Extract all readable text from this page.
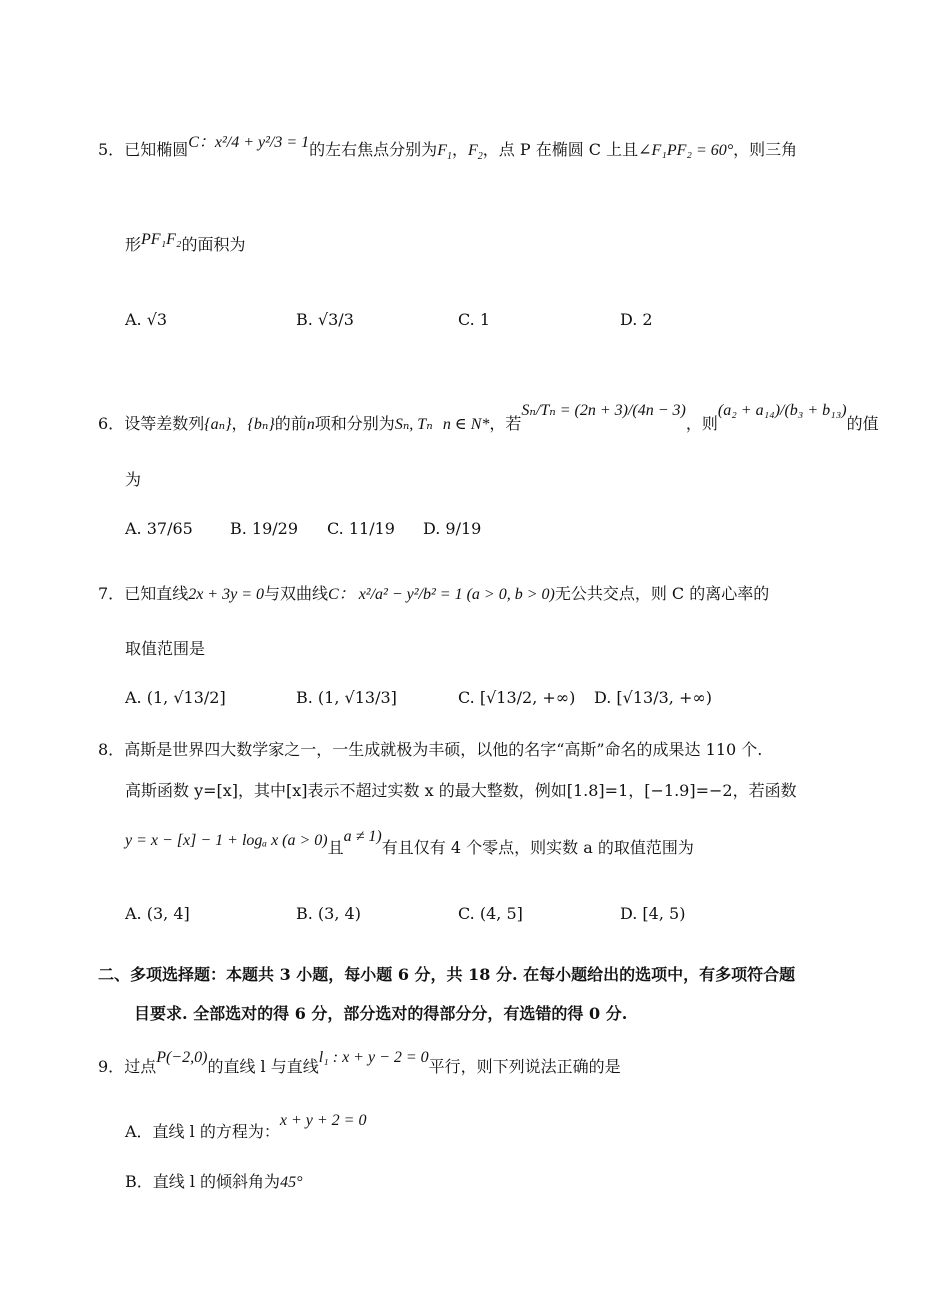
5．已知椭圆C：x²/4 + y²/3 = 1的左右焦点分别为$F_1$，$F_2$，点 P 在椭圆 C 上且∠F₁PF₂ = 60°，则三角
形PF₁F₂的面积为
A. √3	B. √3/3	C. 1	D. 2
6．设等差数列{aₙ}，{bₙ}的前n项和分别为Sₙ, Tₙ n ∈ N*，若Sₙ/Tₙ = (2n + 3)/(4n − 3)，则(a₂ + a₁₄)/(b₃ + b₁₃)的值
为
A. 37/65 B. 19/29 C. 11/19 D. 9/19
7．已知直线2x + 3y = 0与双曲线C： x²/a² − y²/b² = 1 (a > 0, b > 0)无公共交点，则 C 的离心率的
取值范围是
A. (1, √13/2]	B. (1, √13/3]	C. [√13/2, +∞) D. [√13/3, +∞)
8．高斯是世界四大数学家之一，一生成就极为丰硕，以他的名字“高斯”命名的成果达 110 个.
高斯函数 y=[x]，其中[x]表示不超过实数 x 的最大整数，例如[1.8]=1，[−1.9]=−2，若函数
y = x − [x] − 1 + logₐ x (a > 0)且a ≠ 1)有且仅有 4 个零点，则实数 a 的取值范围为
A. (3, 4]	B. (3, 4)	C. (4, 5]	D. [4, 5)
二、多项选择题：本题共 3 小题，每小题 6 分，共 18 分. 在每小题给出的选项中，有多项符合题
目要求. 全部选对的得 6 分，部分选对的得部分分，有选错的得 0 分.
9．过点P(−2,0)的直线 l 与直线l₁ : x + y − 2 = 0平行，则下列说法正确的是
A．直线 l 的方程为：x + y + 2 = 0
B．直线 l 的倾斜角为45°
